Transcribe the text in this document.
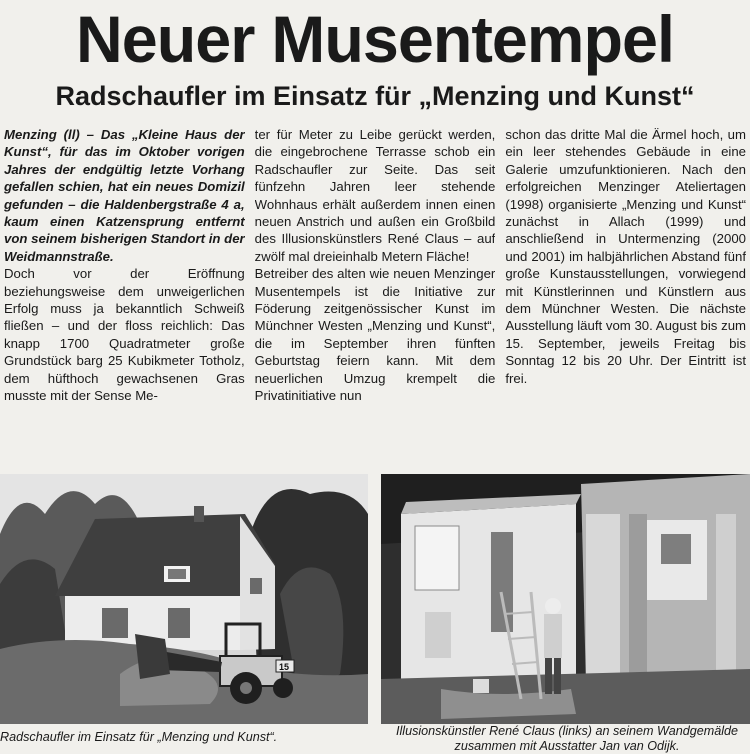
Neuer Musentempel
Radschaufler im Einsatz für „Menzing und Kunst“

Menzing (ll) – Das „Kleine Haus der Kunst“, für das im Oktober vorigen Jahres der endgültig letzte Vorhang gefallen schien, hat ein neues Domizil gefunden – die Haldenbergstraße 4 a, kaum einen Katzensprung entfernt von seinem bisherigen Standort in der Weidmannstraße.

Doch vor der Eröffnung beziehungsweise dem unweigerlichen Erfolg muss ja bekanntlich Schweiß fließen – und der floss reichlich: Das knapp 1700 Quadratmeter große Grundstück barg 25 Kubikmeter Totholz, dem hüfthoch gewachsenen Gras musste mit der Sense Me-

ter für Meter zu Leibe gerückt werden, die eingebrochene Terrasse schob ein Radschaufler zur Seite. Das seit fünfzehn Jahren leer stehende Wohnhaus erhält außerdem innen einen neuen Anstrich und außen ein Großbild des Illusionskünstlers René Claus – auf zwölf mal dreieinhalb Metern Fläche!

Betreiber des alten wie neuen Menzinger Musentempels ist die Initiative zur Föderung zeitgenössischer Kunst im Münchner Westen „Menzing und Kunst“, die im September ihren fünften Geburtstag feiern kann. Mit dem neuerlichen Umzug krempelt die Privatinitiative nun

schon das dritte Mal die Ärmel hoch, um ein leer stehendes Gebäude in eine Galerie umzufunktionieren. Nach den erfolgreichen Menzinger Ateliertagen (1998) organisierte „Menzing und Kunst“ zunächst in Allach (1999) und anschließend in Untermenzing (2000 und 2001) im halbjährlichen Abstand fünf große Kunstausstellungen, vorwiegend mit Künstlerinnen und Künstlern aus dem Münchner Westen. Die nächste Ausstellung läuft vom 30. August bis zum 15. September, jeweils Freitag bis Sonntag 12 bis 20 Uhr. Der Eintritt ist frei.

15
Radschaufler im Einsatz für „Menzing und Kunst“.	Illusionskünstler René Claus (links) an seinem Wandgemälde zusammen mit Ausstatter Jan van Odijk.
